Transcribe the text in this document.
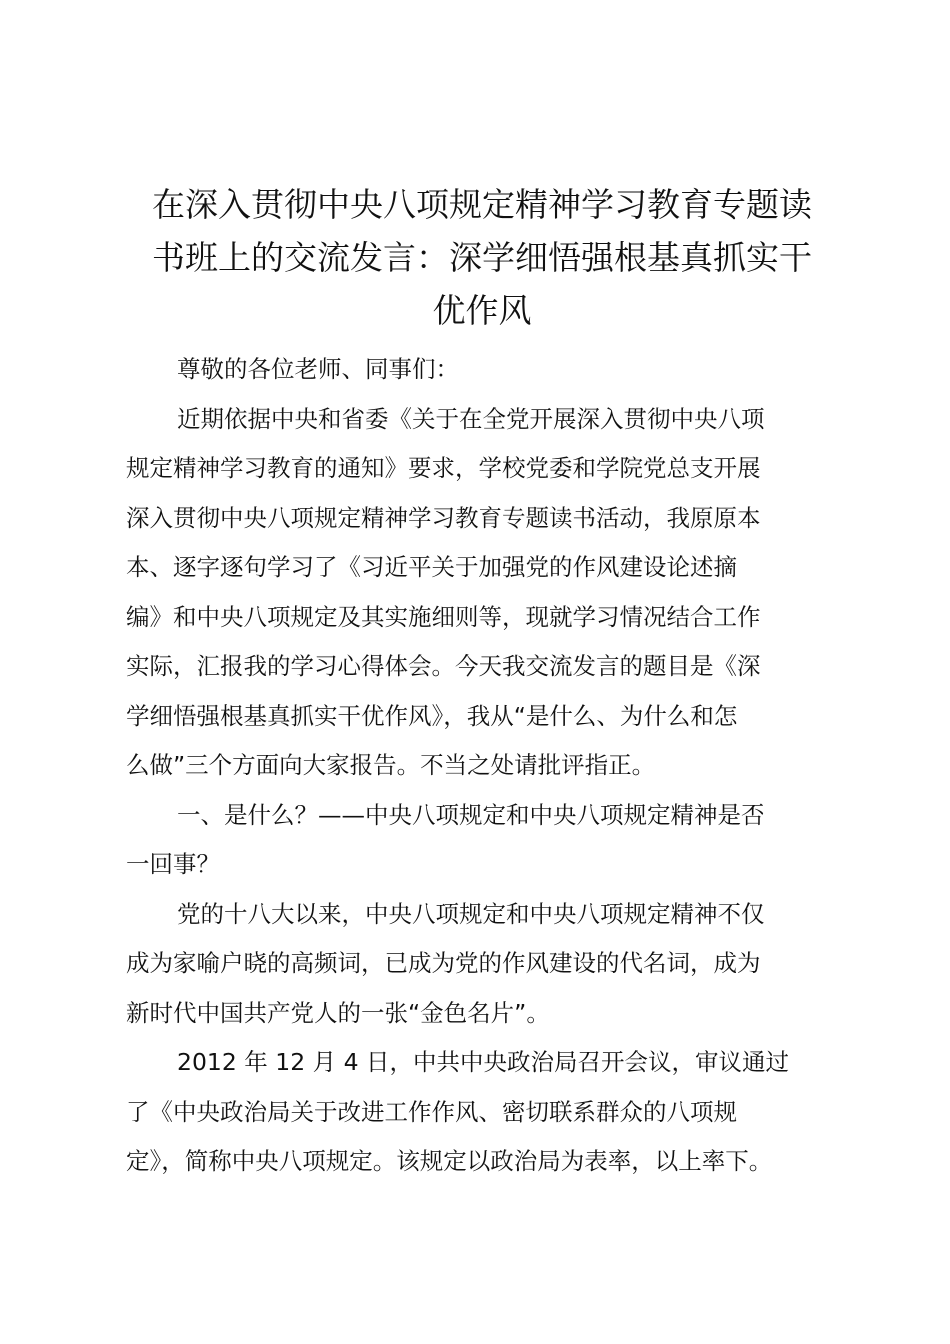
在深入贯彻中央八项规定精神学习教育专题读
书班上的交流发言：深学细悟强根基真抓实干
优作风

尊敬的各位老师、同事们：

近期依据中央和省委《关于在全党开展深入贯彻中央八项
规定精神学习教育的通知》要求，学校党委和学院党总支开展
深入贯彻中央八项规定精神学习教育专题读书活动，我原原本
本、逐字逐句学习了《习近平关于加强党的作风建设论述摘
编》和中央八项规定及其实施细则等，现就学习情况结合工作
实际，汇报我的学习心得体会。今天我交流发言的题目是《深
学细悟强根基真抓实干优作风》，我从“是什么、为什么和怎
么做”三个方面向大家报告。不当之处请批评指正。

一、是什么？——中央八项规定和中央八项规定精神是否
一回事？

党的十八大以来，中央八项规定和中央八项规定精神不仅
成为家喻户晓的高频词，已成为党的作风建设的代名词，成为
新时代中国共产党人的一张“金色名片”。

2012 年 12 月 4 日，中共中央政治局召开会议，审议通过
了《中央政治局关于改进工作作风、密切联系群众的八项规
定》，简称中央八项规定。该规定以政治局为表率，以上率下。
